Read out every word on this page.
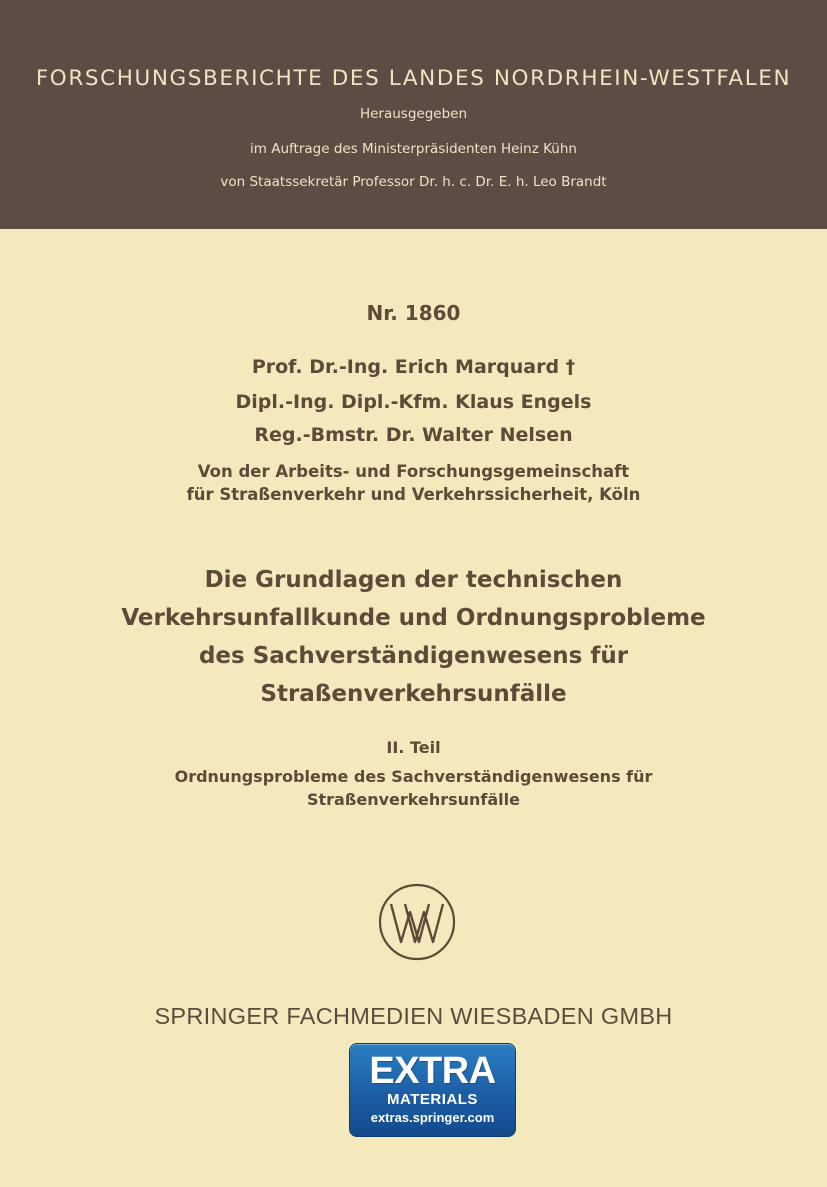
FORSCHUNGSBERICHTE DES LANDES NORDRHEIN-WESTFALEN
Herausgegeben
im Auftrage des Ministerpräsidenten Heinz Kühn
von Staatssekretär Professor Dr. h. c. Dr. E. h. Leo Brandt
Nr. 1860
Prof. Dr.-Ing. Erich Marquard †
Dipl.-Ing. Dipl.-Kfm. Klaus Engels
Reg.-Bmstr. Dr. Walter Nelsen
Von der Arbeits- und Forschungsgemeinschaft
für Straßenverkehr und Verkehrssicherheit, Köln
Die Grundlagen der technischen
Verkehrsunfallkunde und Ordnungsprobleme
des Sachverständigenwesens für
Straßenverkehrsunfälle
II. Teil
Ordnungsprobleme des Sachverständigenwesens für
Straßenverkehrsunfälle
SPRINGER FACHMEDIEN WIESBADEN GMBH
EXTRA
MATERIALS
extras.springer.com
